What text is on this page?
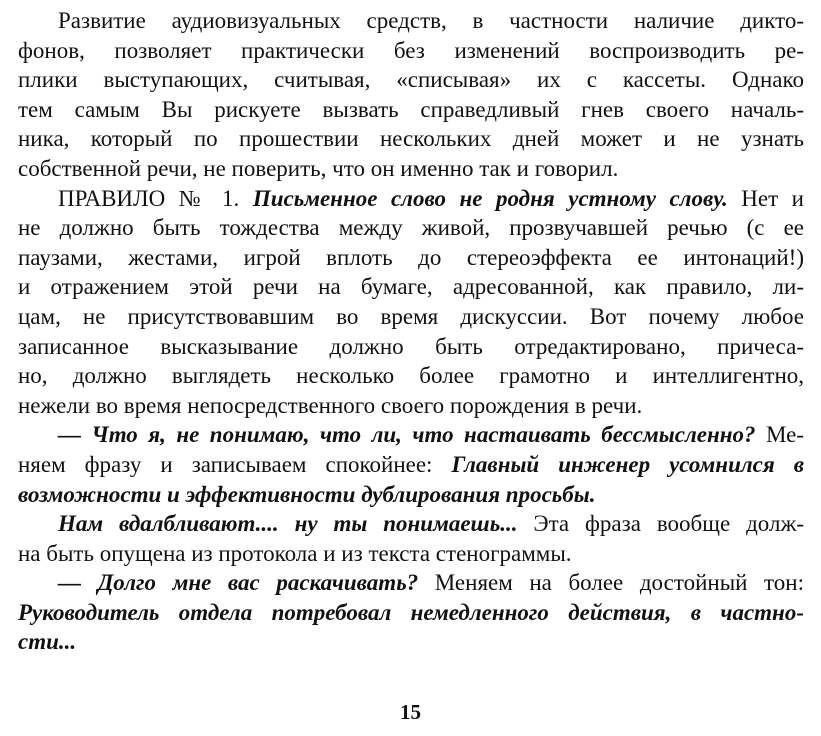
Развитие аудиовизуальных средств, в частности наличие дикто-
фонов, позволяет практически без изменений воспроизводить ре-
плики выступающих, считывая, «списывая» их с кассеты. Однако
тем самым Вы рискуете вызвать справедливый гнев своего началь-
ника, который по прошествии нескольких дней может и не узнать
собственной речи, не поверить, что он именно так и говорил.
ПРАВИЛО № 1. Письменное слово не родня устному слову. Нет и
не должно быть тождества между живой, прозвучавшей речью (с ее
паузами, жестами, игрой вплоть до стереоэффекта ее интонаций!)
и отражением этой речи на бумаге, адресованной, как правило, ли-
цам, не присутствовавшим во время дискуссии. Вот почему любое
записанное высказывание должно быть отредактировано, причеса-
но, должно выглядеть несколько более грамотно и интеллигентно,
нежели во время непосредственного своего порождения в речи.
— Что я, не понимаю, что ли, что настаивать бессмысленно? Ме-
няем фразу и записываем спокойнее: Главный инженер усомнился в
возможности и эффективности дублирования просьбы.
Нам вдалбливают.... ну ты понимаешь... Эта фраза вообще долж-
на быть опущена из протокола и из текста стенограммы.
— Долго мне вас раскачивать? Меняем на более достойный тон:
Руководитель отдела потребовал немедленного действия, в частно-
сти...
15
